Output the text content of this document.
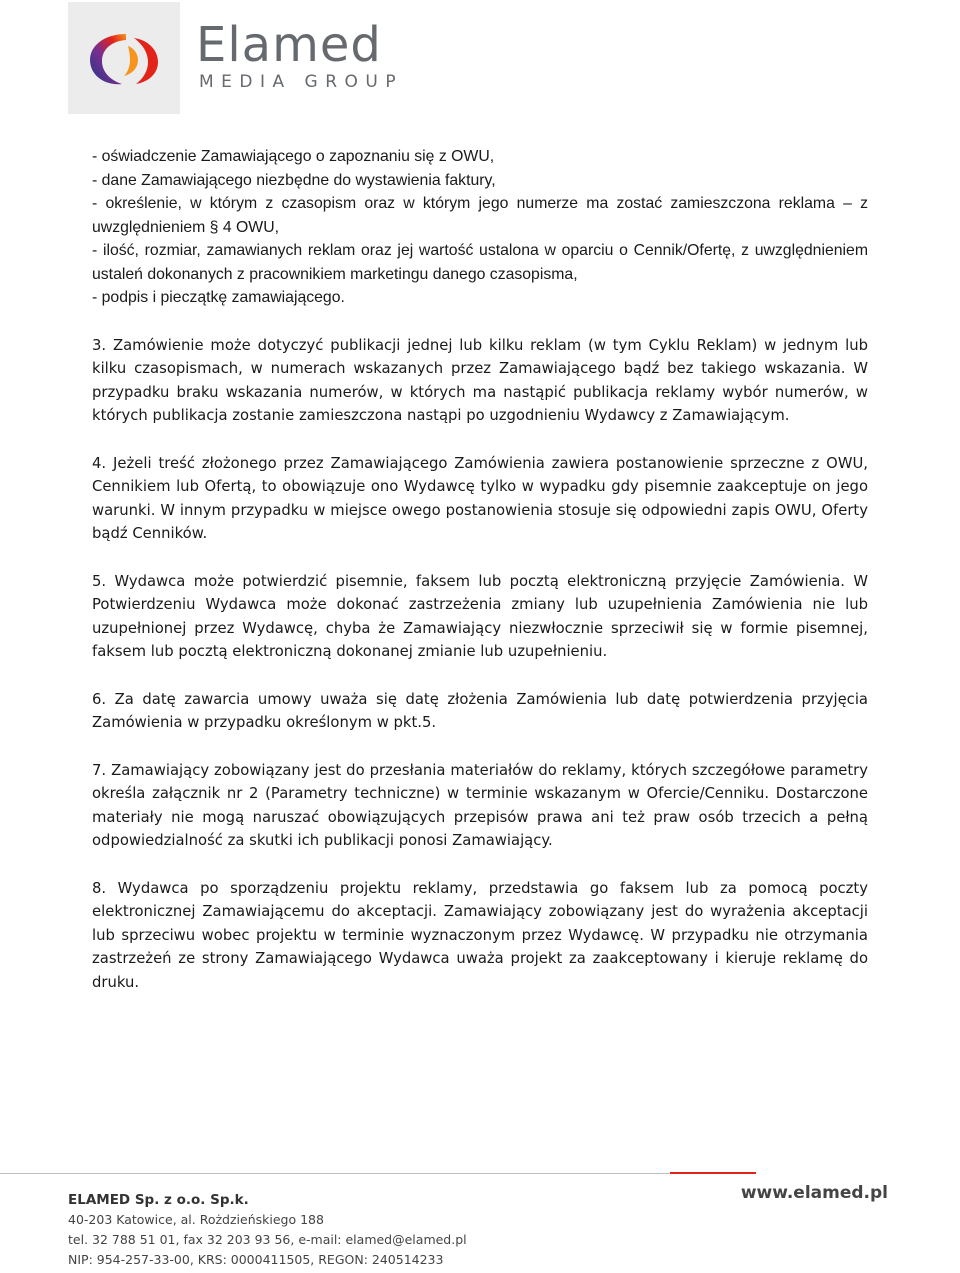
Elamed
MEDIA GROUP

- oświadczenie Zamawiającego o zapoznaniu się z OWU,

- dane Zamawiającego niezbędne do wystawienia faktury,

- określenie, w którym z czasopism oraz w którym jego numerze ma zostać zamieszczona reklama – z uwzględnieniem § 4 OWU,

- ilość, rozmiar, zamawianych reklam oraz jej wartość ustalona w oparciu o Cennik/Ofertę, z uwzględnieniem ustaleń dokonanych z pracownikiem marketingu danego czasopisma,

- podpis i pieczątkę zamawiającego.

3. Zamówienie może dotyczyć publikacji jednej lub kilku reklam (w tym Cyklu Reklam) w jednym lub kilku czasopismach, w numerach wskazanych przez Zamawiającego bądź bez takiego wskazania. W przypadku braku wskazania numerów, w których ma nastąpić publikacja reklamy wybór numerów, w których publikacja zostanie zamieszczona nastąpi po uzgodnieniu Wydawcy z Zamawiającym.

4. Jeżeli treść złożonego przez Zamawiającego Zamówienia zawiera postanowienie sprzeczne z OWU, Cennikiem lub Ofertą, to obowiązuje ono Wydawcę tylko w wypadku gdy pisemnie zaakceptuje on jego warunki. W innym przypadku w miejsce owego postanowienia stosuje się odpowiedni zapis OWU, Oferty bądź Cenników.

5. Wydawca może potwierdzić pisemnie, faksem lub pocztą elektroniczną przyjęcie Zamówienia. W Potwierdzeniu Wydawca może dokonać zastrzeżenia zmiany lub uzupełnienia Zamówienia nie lub uzupełnionej przez Wydawcę, chyba że Zamawiający niezwłocznie sprzeciwił się w formie pisemnej, faksem lub pocztą elektroniczną dokonanej zmianie lub uzupełnieniu.

6. Za datę zawarcia umowy uważa się datę złożenia Zamówienia lub datę potwierdzenia przyjęcia Zamówienia w przypadku określonym w pkt.5.

7. Zamawiający zobowiązany jest do przesłania materiałów do reklamy, których szczegółowe parametry określa załącznik nr 2 (Parametry techniczne) w terminie wskazanym w Ofercie/Cenniku. Dostarczone materiały nie mogą naruszać obowiązujących przepisów prawa ani też praw osób trzecich a pełną odpowiedzialność za skutki ich publikacji ponosi Zamawiający.

8. Wydawca po sporządzeniu projektu reklamy, przedstawia go faksem lub za pomocą poczty elektronicznej Zamawiającemu do akceptacji. Zamawiający zobowiązany jest do wyrażenia akceptacji lub sprzeciwu wobec projektu w terminie wyznaczonym przez Wydawcę. W przypadku nie otrzymania zastrzeżeń ze strony Zamawiającego Wydawca uważa projekt za zaakceptowany i kieruje reklamę do druku.

ELAMED Sp. z o.o. Sp.k.
40-203 Katowice, al. Rożdzieńskiego 188
tel. 32 788 51 01, fax 32 203 93 56, e-mail: elamed@elamed.pl
NIP: 954-257-33-00, KRS: 0000411505, REGON: 240514233
www.elamed.pl
